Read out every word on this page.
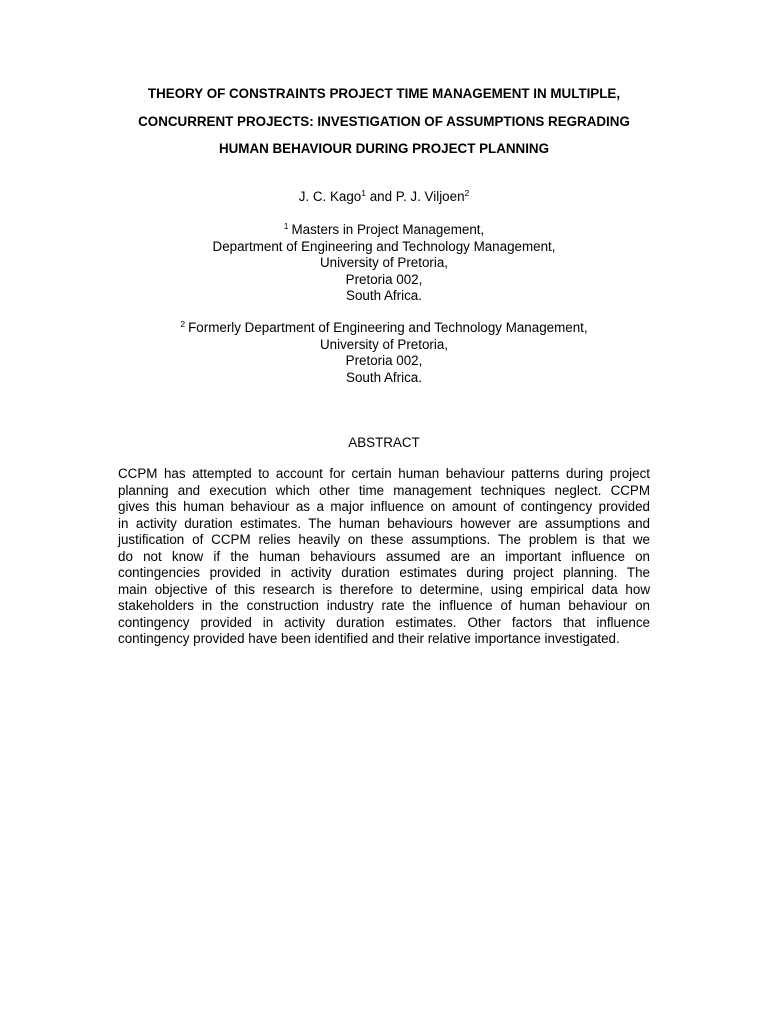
THEORY OF CONSTRAINTS PROJECT TIME MANAGEMENT IN MULTIPLE,
CONCURRENT PROJECTS: INVESTIGATION OF ASSUMPTIONS REGRADING
HUMAN BEHAVIOUR DURING PROJECT PLANNING

J. C. Kago$^1$ and P. J. Viljoen$^2$

$^1$ Masters in Project Management,
Department of Engineering and Technology Management,
University of Pretoria,
Pretoria 002,
South Africa.
$^2$ Formerly Department of Engineering and Technology Management,
University of Pretoria,
Pretoria 002,
South Africa.
ABSTRACT
CCPM has attempted to account for certain human behaviour patterns during project
planning and execution which other time management techniques neglect. CCPM
gives this human behaviour as a major influence on amount of contingency provided
in activity duration estimates. The human behaviours however are assumptions and
justification of CCPM relies heavily on these assumptions. The problem is that we
do not know if the human behaviours assumed are an important influence on
contingencies provided in activity duration estimates during project planning. The
main objective of this research is therefore to determine, using empirical data how
stakeholders in the construction industry rate the influence of human behaviour on
contingency provided in activity duration estimates. Other factors that influence
contingency provided have been identified and their relative importance investigated.
